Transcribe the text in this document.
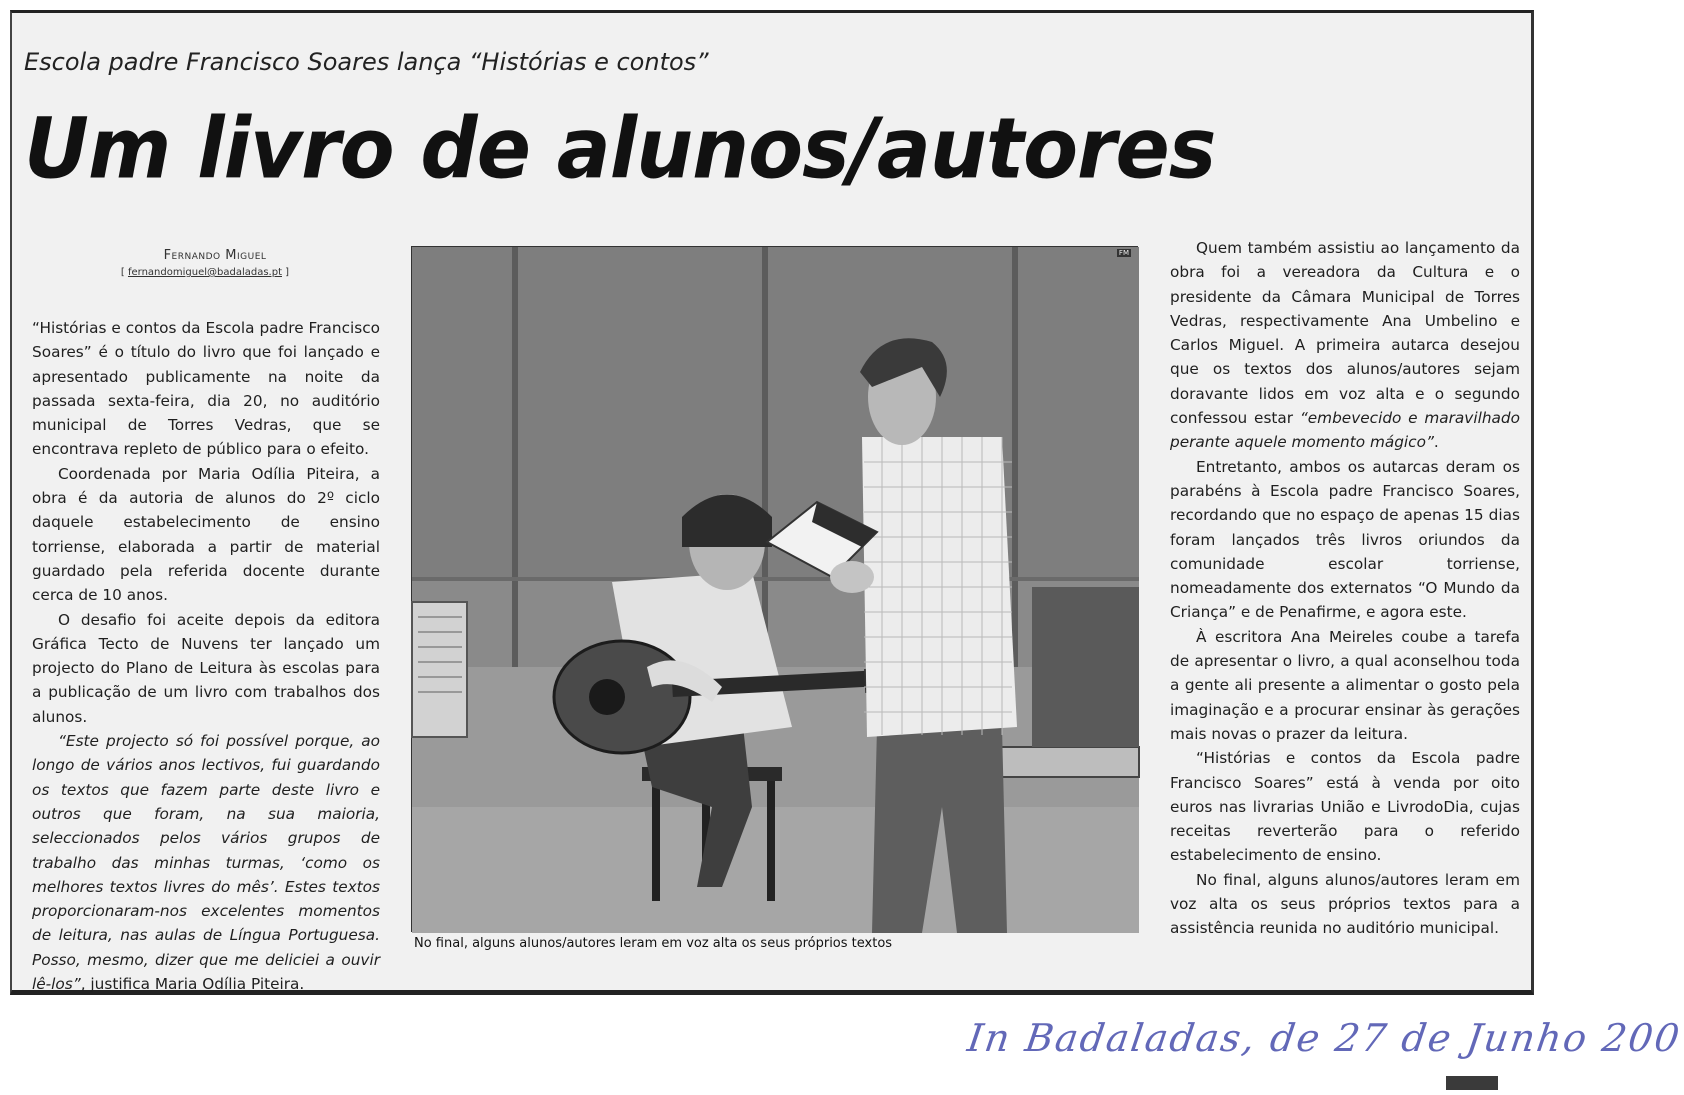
Escola padre Francisco Soares lança “Histórias e contos”
Um livro de alunos/autores
Fernando Miguel
[ fernandomiguel@badaladas.pt ]

“Histórias e contos da Escola padre Francisco Soares” é o título do livro que foi lançado e apresentado publicamente na noite da passada sexta-feira, dia 20, no auditório municipal de Torres Vedras, que se encontrava repleto de público para o efeito.

Coordenada por Maria Odília Piteira, a obra é da autoria de alunos do 2º ciclo daquele estabelecimento de ensino torriense, elaborada a partir de material guardado pela referida docente durante cerca de 10 anos.

O desafio foi aceite depois da editora Gráfica Tecto de Nuvens ter lançado um projecto do Plano de Leitura às escolas para a publicação de um livro com trabalhos dos alunos.

“Este projecto só foi possível porque, ao longo de vários anos lectivos, fui guardando os textos que fazem parte deste livro e outros que foram, na sua maioria, seleccionados pelos vários grupos de trabalho das minhas turmas, ‘como os melhores textos livres do mês’. Estes textos proporcionaram-nos excelentes momentos de leitura, nas aulas de Língua Portuguesa. Posso, mesmo, dizer que me deliciei a ouvir lê-los”, justifica Maria Odília Piteira.

FM
No final, alguns alunos/autores leram em voz alta os seus próprios textos

Quem também assistiu ao lançamento da obra foi a vereadora da Cultura e o presidente da Câmara Municipal de Torres Vedras, respectivamente Ana Umbelino e Carlos Miguel. A primeira autarca desejou que os textos dos alunos/autores sejam doravante lidos em voz alta e o segundo confessou estar “embevecido e maravilhado perante aquele momento mágico”.

Entretanto, ambos os autarcas deram os parabéns à Escola padre Francisco Soares, recordando que no espaço de apenas 15 dias foram lançados três livros oriundos da comunidade escolar torriense, nomeadamente dos externatos “O Mundo da Criança” e de Penafirme, e agora este.

À escritora Ana Meireles coube a tarefa de apresentar o livro, a qual aconselhou toda a gente ali presente a alimentar o gosto pela imaginação e a procurar ensinar às gerações mais novas o prazer da leitura.

“Histórias e contos da Escola padre Francisco Soares” está à venda por oito euros nas livrarias União e LivrodoDia, cujas receitas reverterão para o referido estabelecimento de ensino.

No final, alguns alunos/autores leram em voz alta os seus próprios textos para a assistência reunida no auditório municipal.

In Badaladas, de 27 de Junho 200
